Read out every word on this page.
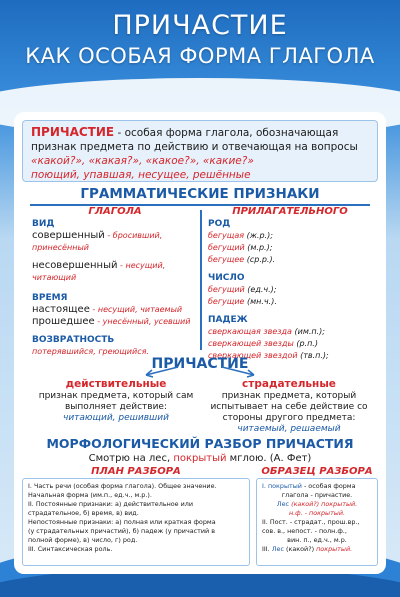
ПРИЧАСТИЕ
КАК ОСОБАЯ ФОРМА ГЛАГОЛА
ПРИЧАСТИЕ - особая форма глагола, обозначающая признак предмета по действию и отвечающая на вопросы «какой?», «какая?», «какое?», «какие?»
поющий, упавшая, несущее, решённые
ГРАММАТИЧЕСКИЕ ПРИЗНАКИ
ГЛАГОЛА	ПРИЛАГАТЕЛЬНОГО
ВИД
совершенный - бросивший, принесённый
несовершенный - несущий, читающий
ВРЕМЯ
настоящее - несущий, читаемый
прошедшее - унесённый, усевший
ВОЗВРАТНОСТЬ
потерявшийся, греющийся.
РОД
бегущая (ж.р.);
бегущий (м.р.);
бегущее (ср.р.).
ЧИСЛО
бегущий (ед.ч.);
бегущие (мн.ч.).
ПАДЕЖ
сверкающая звезда (им.п.);
сверкающей звезды (р.п.)
сверкающей звездой (тв.п.);
ПРИЧАСТИЕ
действительные
признак предмета, который сам выполняет действие:
читающий, решивший
страдательные
признак предмета, который испытывает на себе действие со стороны другого предмета:
читаемый, решаемый
МОРФОЛОГИЧЕСКИЙ РАЗБОР ПРИЧАСТИЯ
Смотрю на лес, покрытый мглою. (А. Фет)
ПЛАН РАЗБОРА	ОБРАЗЕЦ РАЗБОРА
I. Часть речи (особая форма глагола). Общее значение.
Начальная форма (им.п., ед.ч., м.р.).
II. Постоянные признаки: а) действительное или
страдательное, б) время, в) вид.
Непостоянные признаки: а) полная или краткая форма
(у страдательных причастий), б) падеж (у причастий в
полной форме), в) число, г) род.
III. Синтаксическая роль.
I. покрытый - особая форма
глагола - причастие.
Лес (какой?) покрытый.
н.ф. - покрытый.
II. Пост. - страдат., прош.вр.,
сов. в., непост. - полн.ф.,
вин. п., ед.ч., м.р.
III. Лес (какой?) покрытый.
